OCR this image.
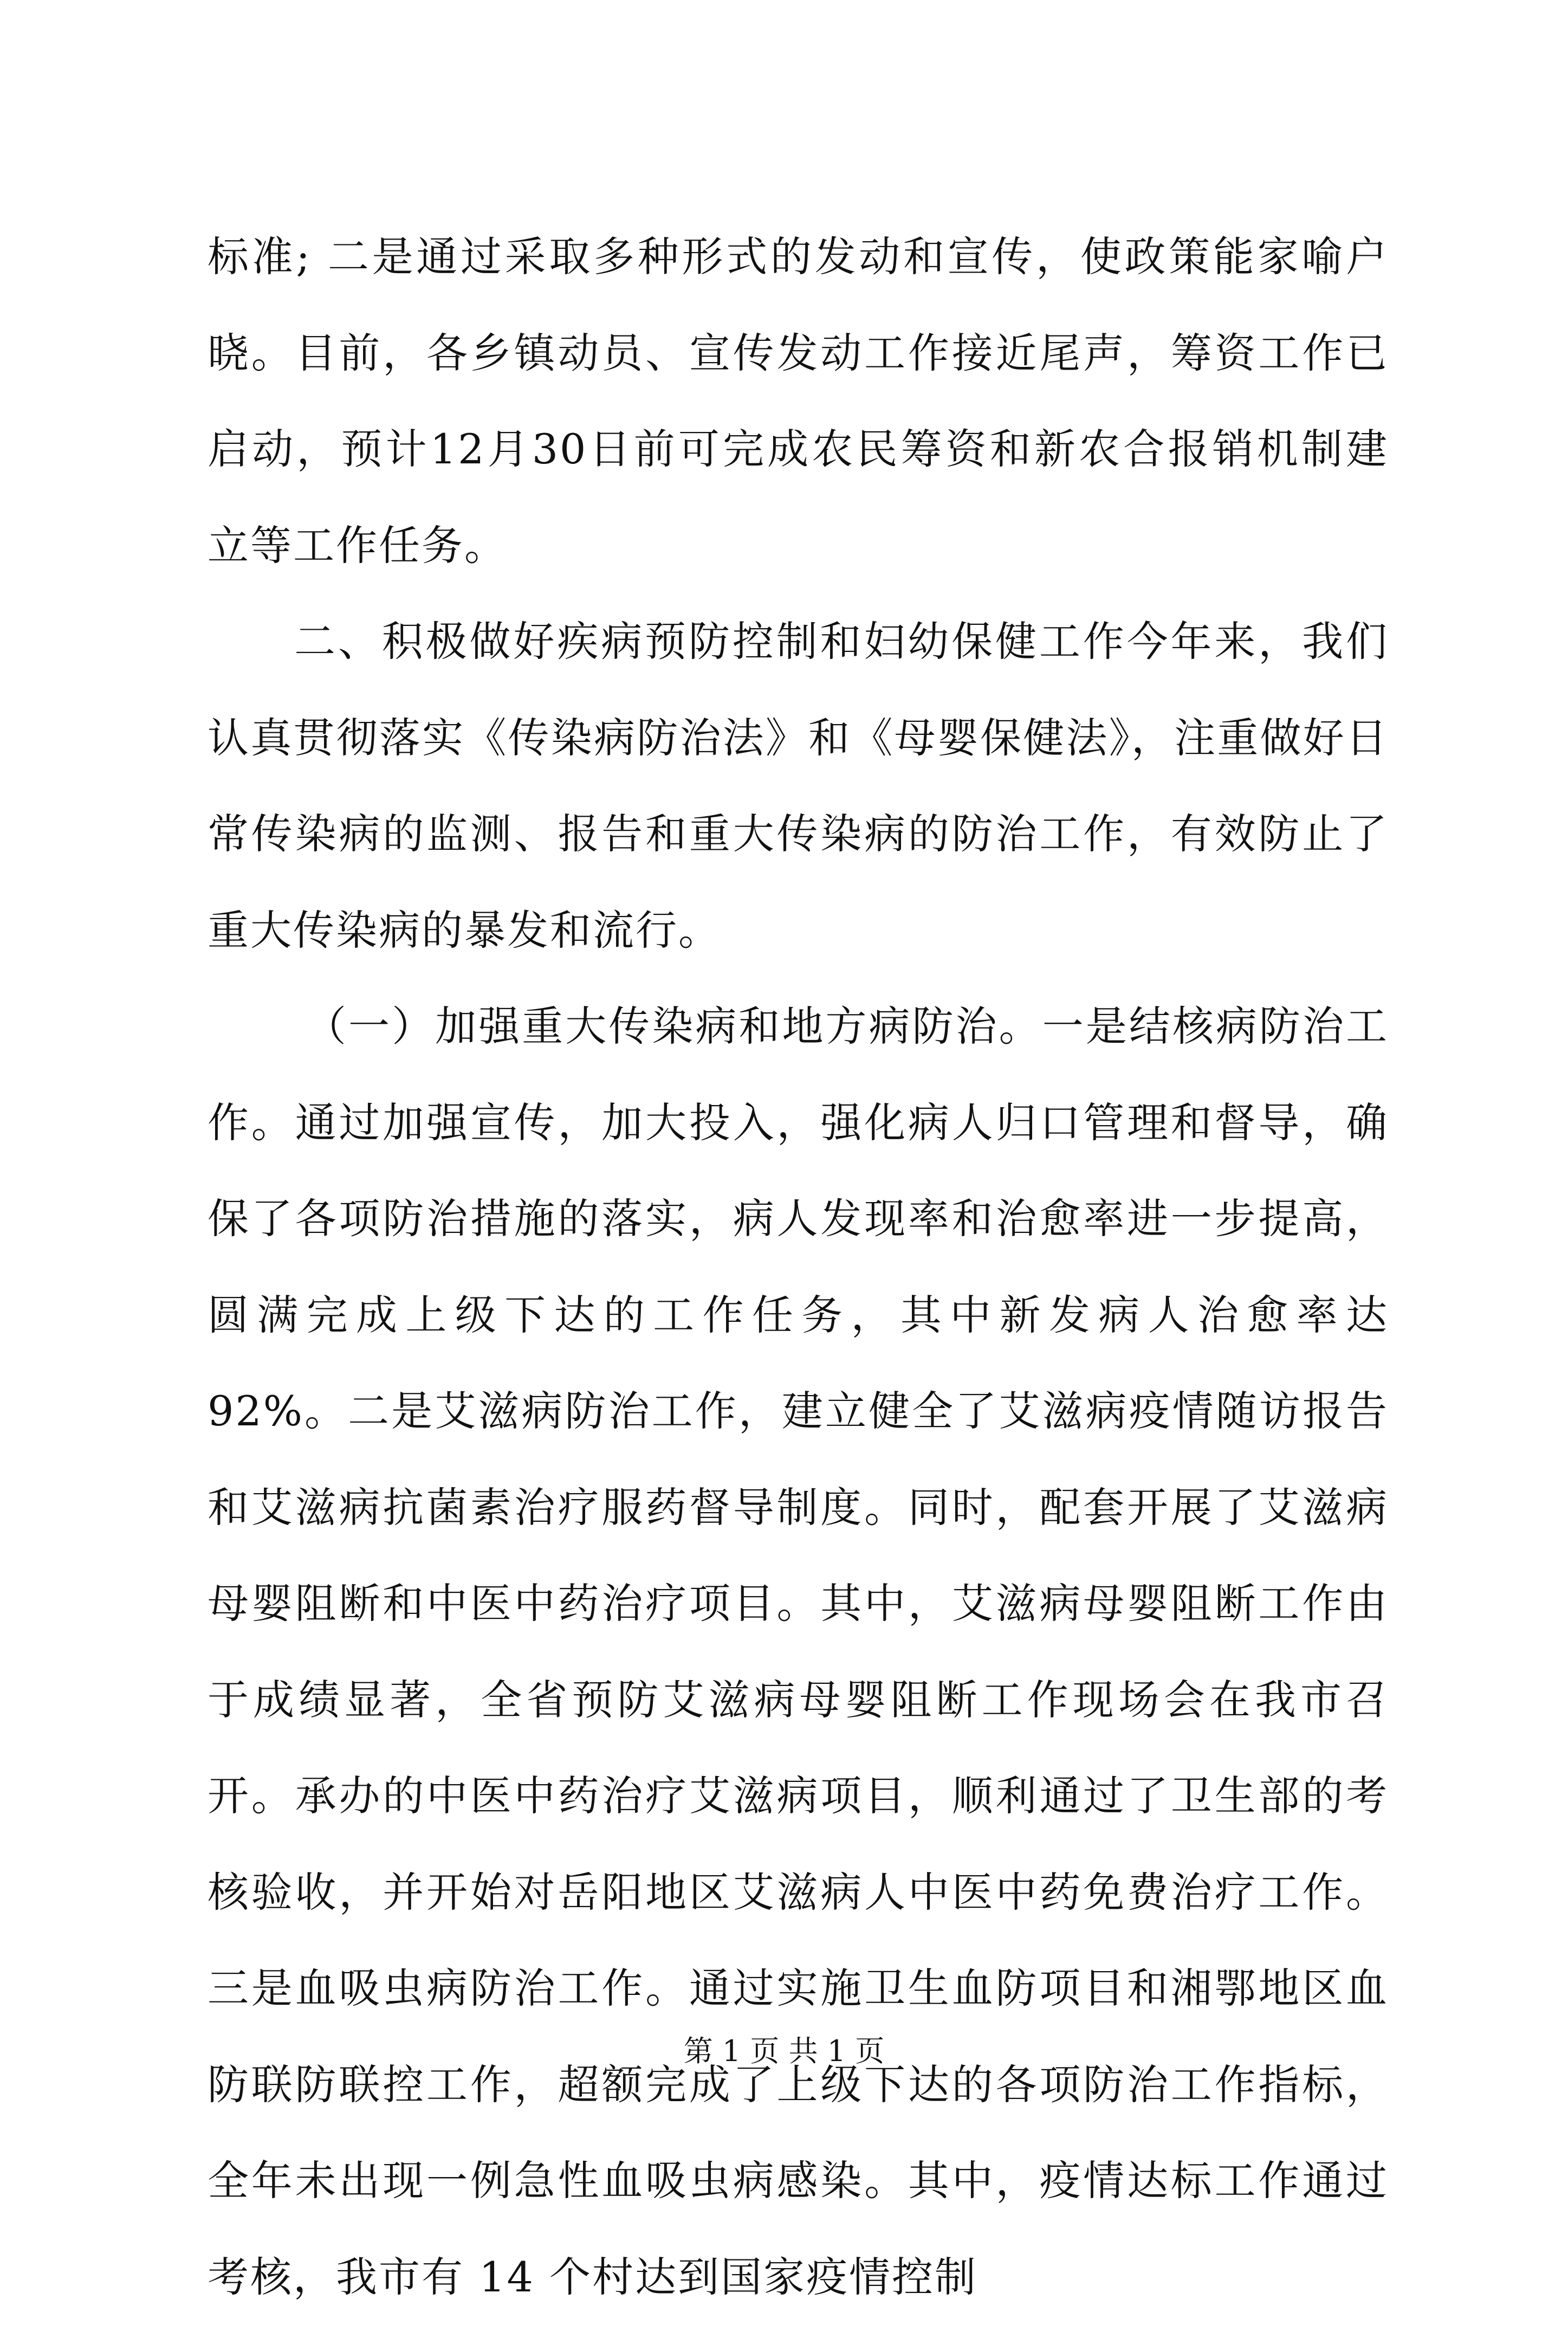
标准; 二是通过采取多种形式的发动和宣传，使政策能家喻户晓。目前，各乡镇动员、宣传发动工作接近尾声，筹资工作已启动，预计12月30日前可完成农民筹资和新农合报销机制建立等工作任务。

二、积极做好疾病预防控制和妇幼保健工作今年来，我们认真贯彻落实《传染病防治法》和《母婴保健法》，注重做好日常传染病的监测、报告和重大传染病的防治工作，有效防止了重大传染病的暴发和流行。

（一）加强重大传染病和地方病防治。一是结核病防治工作。通过加强宣传，加大投入，强化病人归口管理和督导，确保了各项防治措施的落实，病人发现率和治愈率进一步提高，圆满完成上级下达的工作任务，其中新发病人治愈率达 92%。二是艾滋病防治工作，建立健全了艾滋病疫情随访报告和艾滋病抗菌素治疗服药督导制度。同时，配套开展了艾滋病母婴阻断和中医中药治疗项目。其中，艾滋病母婴阻断工作由于成绩显著，全省预防艾滋病母婴阻断工作现场会在我市召开。承办的中医中药治疗艾滋病项目，顺利通过了卫生部的考核验收，并开始对岳阳地区艾滋病人中医中药免费治疗工作。三是血吸虫病防治工作。通过实施卫生血防项目和湘鄂地区血防联防联控工作，超额完成了上级下达的各项防治工作指标，全年未出现一例急性血吸虫病感染。其中，疫情达标工作通过考核，我市有 14 个村达到国家疫情控制

第 1 页 共 1 页
